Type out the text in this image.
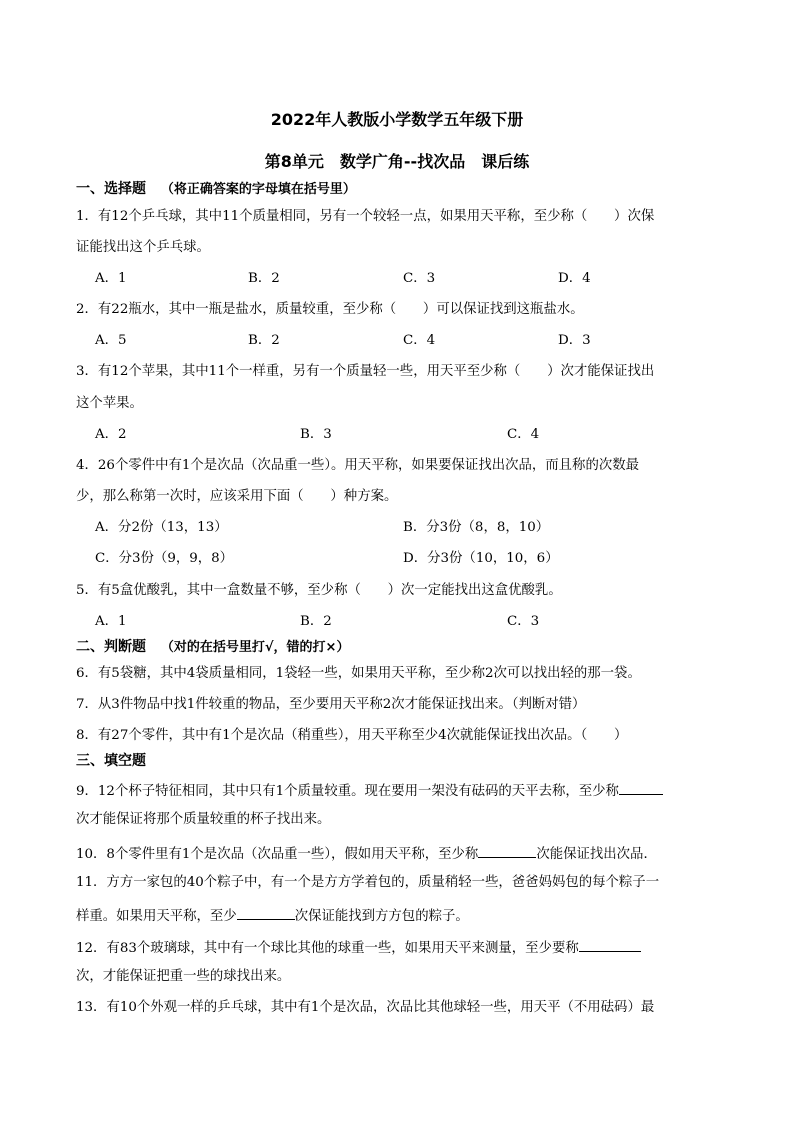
2022年人教版小学数学五年级下册
第8单元　数学广角--找次品　课后练
一、选择题 （将正确答案的字母填在括号里）
1．有12个乒乓球，其中11个质量相同，另有一个较轻一点，如果用天平称，至少称（　　）次保
证能找出这个乒乓球。
A．1	B．2	C．3	D．4
2．有22瓶水，其中一瓶是盐水，质量较重，至少称（　　）可以保证找到这瓶盐水。
A．5	B．2	C．4	D．3
3．有12个苹果，其中11个一样重，另有一个质量轻一些，用天平至少称（　　）次才能保证找出
这个苹果。
A．2	B．3	C．4
4．26个零件中有1个是次品（次品重一些）。用天平称，如果要保证找出次品，而且称的次数最
少，那么称第一次时，应该采用下面（　　）种方案。
A．分2份（13，13）	B．分3份（8，8，10）
C．分3份（9，9，8）	D．分3份（10，10，6）
5．有5盒优酸乳，其中一盒数量不够，至少称（　　）次一定能找出这盒优酸乳。
A．1	B．2	C．3
二、判断题 （对的在括号里打√，错的打×）
6．有5袋糖，其中4袋质量相同，1袋轻一些，如果用天平称，至少称2次可以找出轻的那一袋。
7．从3件物品中找1件较重的物品，至少要用天平称2次才能保证找出来。（判断对错）
8．有27个零件，其中有1个是次品（稍重些），用天平称至少4次就能保证找出次品。（　　）
三、填空题
9．12个杯子特征相同，其中只有1个质量较重。现在要用一架没有砝码的天平去称，至少称
次才能保证将那个质量较重的杯子找出来。
10．8个零件里有1个是次品（次品重一些），假如用天平称，至少称	次能保证找出次品．
11．方方一家包的40个粽子中，有一个是方方学着包的，质量稍轻一些，爸爸妈妈包的每个粽子一
样重。如果用天平称，至少	次保证能找到方方包的粽子。
12．有83个玻璃球，其中有一个球比其他的球重一些，如果用天平来测量，至少要称
次，才能保证把重一些的球找出来。
13．有10个外观一样的乒乓球，其中有1个是次品，次品比其他球轻一些，用天平（不用砝码）最
